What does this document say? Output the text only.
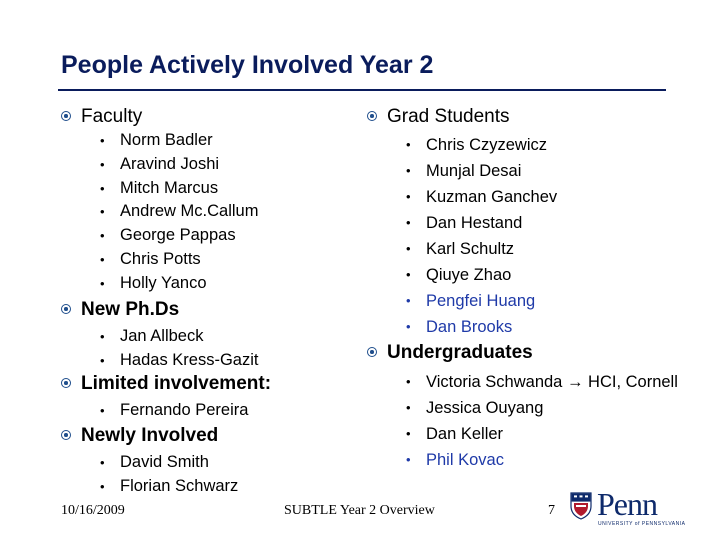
People Actively Involved Year 2
Faculty
• Norm Badler
• Aravind Joshi
• Mitch Marcus
• Andrew Mc.Callum
• George Pappas
• Chris Potts
• Holly Yanco
New Ph.Ds
• Jan Allbeck
• Hadas Kress-Gazit
Limited involvement:
• Fernando Pereira
Newly Involved
• David Smith
• Florian Schwarz
Grad Students
• Chris Czyzewicz
• Munjal Desai
• Kuzman Ganchev
• Dan Hestand
• Karl Schultz
• Qiuye Zhao
• Pengfei Huang
• Dan Brooks
Undergraduates
• Victoria Schwanda → HCI, Cornell
• Jessica Ouyang
• Dan Keller
• Phil Kovac
10/16/2009	SUBTLE Year 2 Overview	7 Penn
UNIVERSITY of PENNSYLVANIA
